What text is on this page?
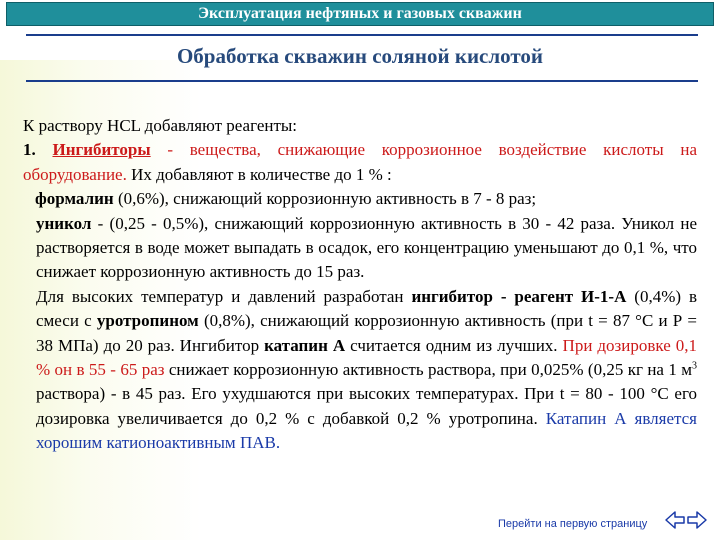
Эксплуатация нефтяных и газовых скважин
Обработка скважин соляной кислотой

К раствору HCL добавляют реагенты:

1. Ингибиторы - вещества, снижающие коррозионное воздействие кислоты на оборудование. Их добавляют в количестве до 1 % :

формалин (0,6%), снижающий коррозионную активность в 7 - 8 раз;

уникол - (0,25 - 0,5%), снижающий коррозионную активность в 30 - 42 раза. Уникол не растворяется в воде может выпадать в осадок, его концентрацию уменьшают до 0,1 %, что снижает коррозионную активность до 15 раз.

Для высоких температур и давлений разработан ингибитор - реагент И-1-А (0,4%) в смеси с уротропином (0,8%), снижающий коррозионную активность (при t = 87 °С и Р = 38 МПа) до 20 раз. Ингибитор катапин А считается одним из лучших. При дозировке 0,1 % он в 55 - 65 раз снижает коррозионную активность раствора, при 0,025% (0,25 кг на 1 $м^3$ раствора) - в 45 раз. Его ухудшаются при высоких температурах. При t = 80 - 100 °С его дозировка увеличивается до 0,2 % с добавкой 0,2 % уротропина. Катапин А является хорошим катионоактивным ПАВ.

Перейти на первую страницу
